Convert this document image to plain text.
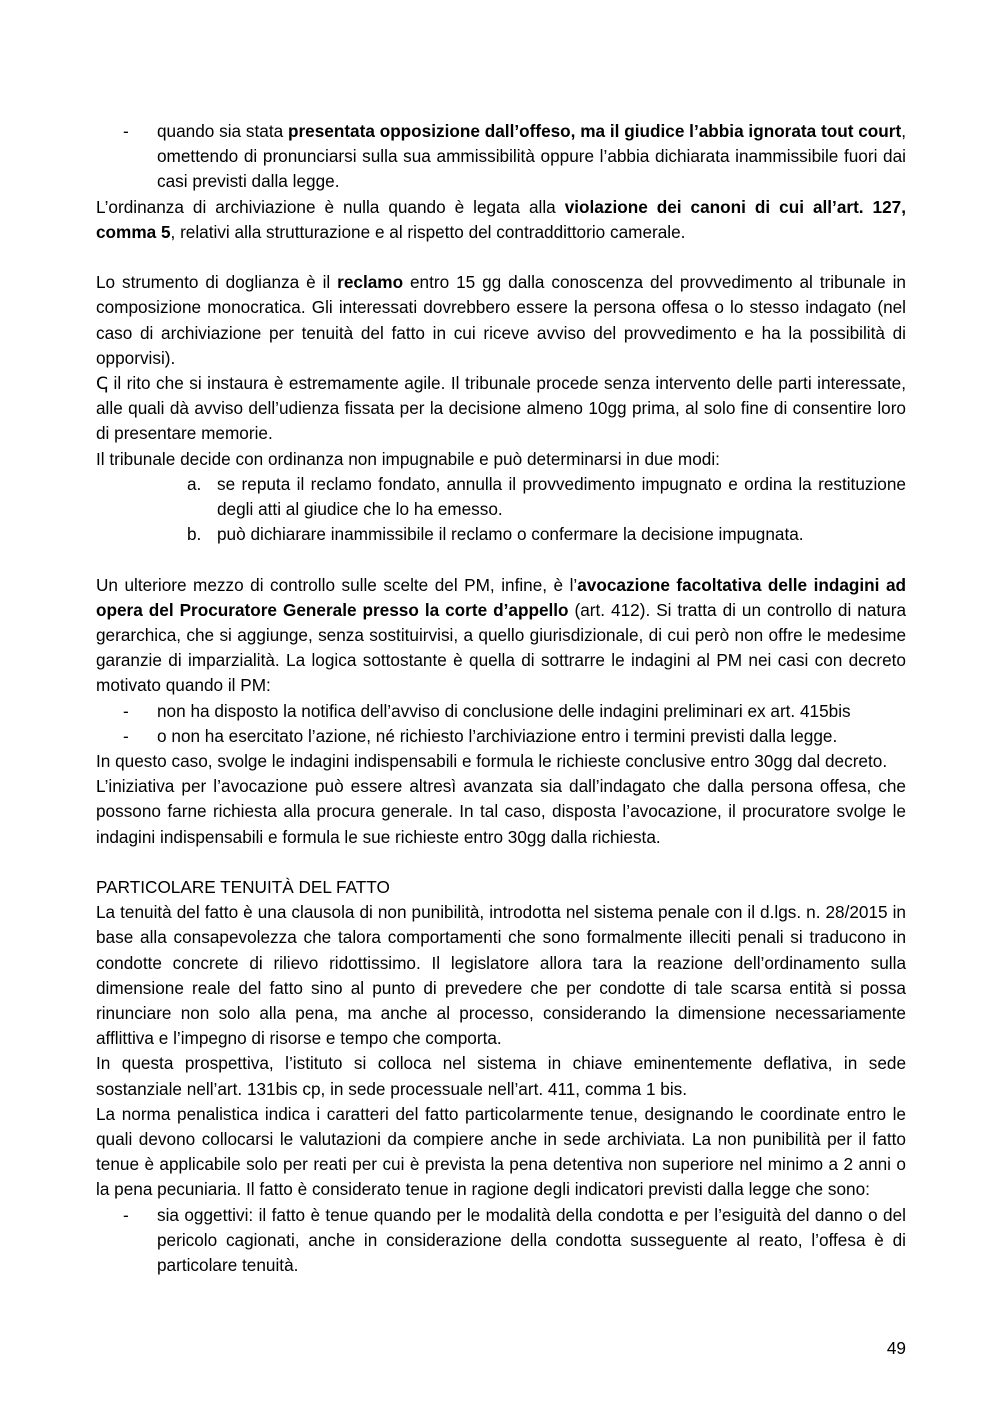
- quando sia stata presentata opposizione dall’offeso, ma il giudice l’abbia ignorata tout court, omettendo di pronunciarsi sulla sua ammissibilità oppure l’abbia dichiarata inammissibile fuori dai casi previsti dalla legge.

L’ordinanza di archiviazione è nulla quando è legata alla violazione dei canoni di cui all’art. 127, comma 5, relativi alla strutturazione e al rispetto del contraddittorio camerale.

Lo strumento di doglianza è il reclamo entro 15 gg dalla conoscenza del provvedimento al tribunale in composizione monocratica. Gli interessati dovrebbero essere la persona offesa o lo stesso indagato (nel caso di archiviazione per tenuità del fatto in cui riceve avviso del provvedimento e ha la possibilità di opporvisi).

ↅ il rito che si instaura è estremamente agile. Il tribunale procede senza intervento delle parti interessate, alle quali dà avviso dell’udienza fissata per la decisione almeno 10gg prima, al solo fine di consentire loro di presentare memorie.

Il tribunale decide con ordinanza non impugnabile e può determinarsi in due modi:

a. se reputa il reclamo fondato, annulla il provvedimento impugnato e ordina la restituzione degli atti al giudice che lo ha emesso.

b. può dichiarare inammissibile il reclamo o confermare la decisione impugnata.

Un ulteriore mezzo di controllo sulle scelte del PM, infine, è l’avocazione facoltativa delle indagini ad opera del Procuratore Generale presso la corte d’appello (art. 412). Si tratta di un controllo di natura gerarchica, che si aggiunge, senza sostituirvisi, a quello giurisdizionale, di cui però non offre le medesime garanzie di imparzialità. La logica sottostante è quella di sottrarre le indagini al PM nei casi con decreto motivato quando il PM:

- non ha disposto la notifica dell’avviso di conclusione delle indagini preliminari ex art. 415bis

- o non ha esercitato l’azione, né richiesto l’archiviazione entro i termini previsti dalla legge.

In questo caso, svolge le indagini indispensabili e formula le richieste conclusive entro 30gg dal decreto.

L’iniziativa per l’avocazione può essere altresì avanzata sia dall’indagato che dalla persona offesa, che possono farne richiesta alla procura generale. In tal caso, disposta l’avocazione, il procuratore svolge le indagini indispensabili e formula le sue richieste entro 30gg dalla richiesta.

PARTICOLARE TENUITÀ DEL FATTO

La tenuità del fatto è una clausola di non punibilità, introdotta nel sistema penale con il d.lgs. n. 28/2015 in base alla consapevolezza che talora comportamenti che sono formalmente illeciti penali si traducono in condotte concrete di rilievo ridottissimo. Il legislatore allora tara la reazione dell’ordinamento sulla dimensione reale del fatto sino al punto di prevedere che per condotte di tale scarsa entità si possa rinunciare non solo alla pena, ma anche al processo, considerando la dimensione necessariamente afflittiva e l’impegno di risorse e tempo che comporta.

In questa prospettiva, l’istituto si colloca nel sistema in chiave eminentemente deflativa, in sede sostanziale nell’art. 131bis cp, in sede processuale nell’art. 411, comma 1 bis.

La norma penalistica indica i caratteri del fatto particolarmente tenue, designando le coordinate entro le quali devono collocarsi le valutazioni da compiere anche in sede archiviata. La non punibilità per il fatto tenue è applicabile solo per reati per cui è prevista la pena detentiva non superiore nel minimo a 2 anni o la pena pecuniaria. Il fatto è considerato tenue in ragione degli indicatori previsti dalla legge che sono:

- sia oggettivi: il fatto è tenue quando per le modalità della condotta e per l’esiguità del danno o del pericolo cagionati, anche in considerazione della condotta susseguente al reato, l’offesa è di particolare tenuità.

49
